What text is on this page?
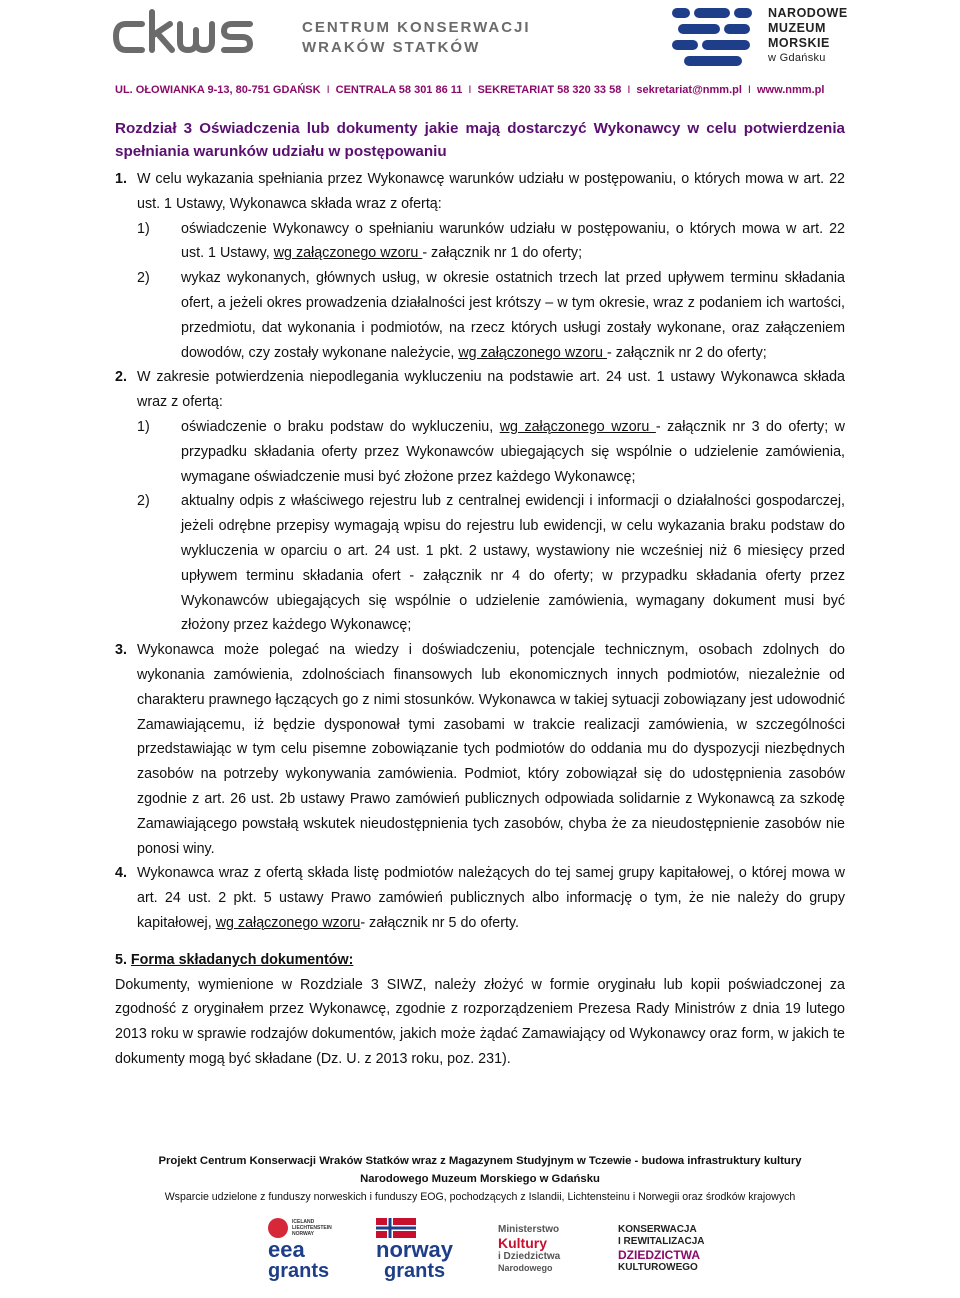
CENTRUM KONSERWACJI
WRAKÓW STATKÓW
NARODOWE
MUZEUM
MORSKIE
w Gdańsku
UL. OŁOWIANKA 9-13, 80-751 GDAŃSK I CENTRALA 58 301 86 11 I SEKRETARIAT 58 320 33 58 I sekretariat@nmm.pl I www.nmm.pl
Rozdział 3 Oświadczenia lub dokumenty jakie mają dostarczyć Wykonawcy w celu potwierdzenia spełniania warunków udziału w postępowaniu
1. W celu wykazania spełniania przez Wykonawcę warunków udziału w postępowaniu, o których mowa w art. 22 ust. 1 Ustawy, Wykonawca składa wraz z ofertą:
1) oświadczenie Wykonawcy o spełnianiu warunków udziału w postępowaniu, o których mowa w art. 22 ust. 1 Ustawy, wg załączonego wzoru - załącznik nr 1 do oferty;
2) wykaz wykonanych, głównych usług, w okresie ostatnich trzech lat przed upływem terminu składania ofert, a jeżeli okres prowadzenia działalności jest krótszy – w tym okresie, wraz z podaniem ich wartości, przedmiotu, dat wykonania i podmiotów, na rzecz których usługi zostały wykonane, oraz załączeniem dowodów, czy zostały wykonane należycie, wg załączonego wzoru - załącznik nr 2 do oferty;
2. W zakresie potwierdzenia niepodlegania wykluczeniu na podstawie art. 24 ust. 1 ustawy Wykonawca składa wraz z ofertą:
1) oświadczenie o braku podstaw do wykluczeniu, wg załączonego wzoru - załącznik nr 3 do oferty; w przypadku składania oferty przez Wykonawców ubiegających się wspólnie o udzielenie zamówienia, wymagane oświadczenie musi być złożone przez każdego Wykonawcę;
2) aktualny odpis z właściwego rejestru lub z centralnej ewidencji i informacji o działalności gospodarczej, jeżeli odrębne przepisy wymagają wpisu do rejestru lub ewidencji, w celu wykazania braku podstaw do wykluczenia w oparciu o art. 24 ust. 1 pkt. 2 ustawy, wystawiony nie wcześniej niż 6 miesięcy przed upływem terminu składania ofert - załącznik nr 4 do oferty; w przypadku składania oferty przez Wykonawców ubiegających się wspólnie o udzielenie zamówienia, wymagany dokument musi być złożony przez każdego Wykonawcę;
3. Wykonawca może polegać na wiedzy i doświadczeniu, potencjale technicznym, osobach zdolnych do wykonania zamówienia, zdolnościach finansowych lub ekonomicznych innych podmiotów, niezależnie od charakteru prawnego łączących go z nimi stosunków. Wykonawca w takiej sytuacji zobowiązany jest udowodnić Zamawiającemu, iż będzie dysponował tymi zasobami w trakcie realizacji zamówienia, w szczególności przedstawiając w tym celu pisemne zobowiązanie tych podmiotów do oddania mu do dyspozycji niezbędnych zasobów na potrzeby wykonywania zamówienia. Podmiot, który zobowiązał się do udostępnienia zasobów zgodnie z art. 26 ust. 2b ustawy Prawo zamówień publicznych odpowiada solidarnie z Wykonawcą za szkodę Zamawiającego powstałą wskutek nieudostępnienia tych zasobów, chyba że za nieudostępnienie zasobów nie ponosi winy.
4. Wykonawca wraz z ofertą składa listę podmiotów należących do tej samej grupy kapitałowej, o której mowa w art. 24 ust. 2 pkt. 5 ustawy Prawo zamówień publicznych albo informację o tym, że nie należy do grupy kapitałowej, wg załączonego wzoru- załącznik nr 5 do oferty.
5. Forma składanych dokumentów:
Dokumenty, wymienione w Rozdziale 3 SIWZ, należy złożyć w formie oryginału lub kopii poświadczonej za zgodność z oryginałem przez Wykonawcę, zgodnie z rozporządzeniem Prezesa Rady Ministrów z dnia 19 lutego 2013 roku w sprawie rodzajów dokumentów, jakich może żądać Zamawiający od Wykonawcy oraz form, w jakich te dokumenty mogą być składane (Dz. U. z 2013 roku, poz. 231).
Projekt Centrum Konserwacji Wraków Statków wraz z Magazynem Studyjnym w Tczewie - budowa infrastruktury kultury
Narodowego Muzeum Morskiego w Gdańsku
Wsparcie udzielone z funduszy norweskich i funduszy EOG, pochodzących z Islandii, Lichtensteinu i Norwegii oraz środków krajowych
ICELAND
LIECHTENSTEIN
NORWAY
eea
grants
norway
grants
Ministerstwo
Kultury
i Dziedzictwa
Narodowego
KONSERWACJA
I REWITALIZACJA
DZIEDZICTWA
KULTUROWEGO
